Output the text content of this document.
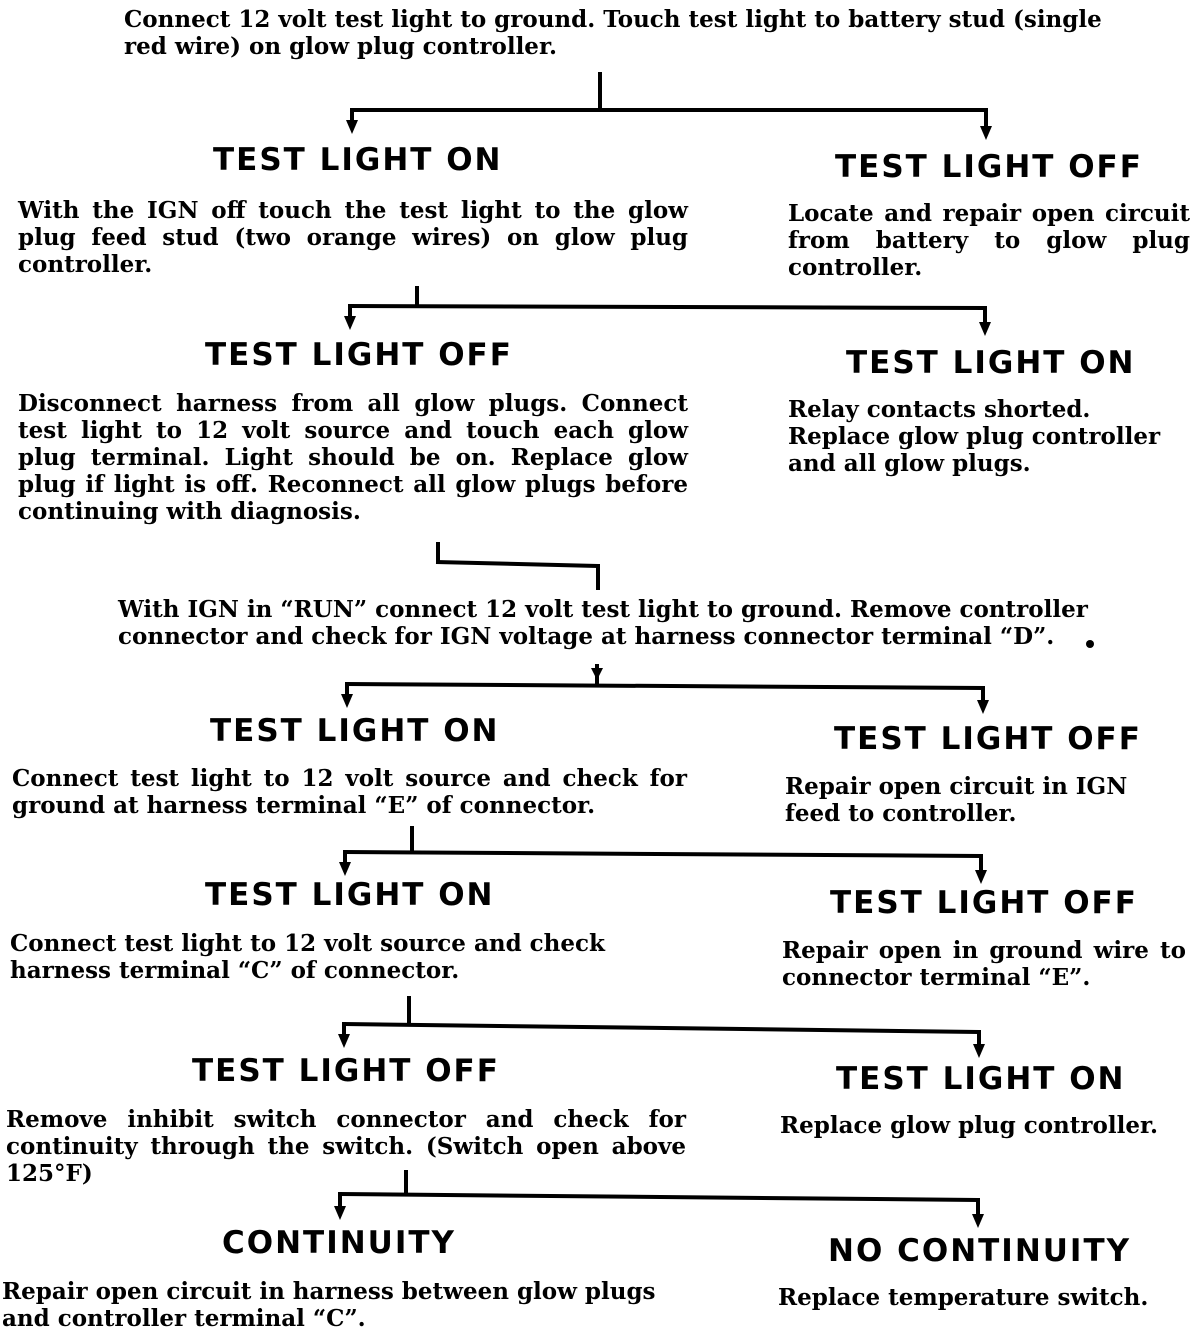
Connect 12 volt test light to ground. Touch test light to battery stud (single red wire) on glow plug controller.
TEST LIGHT ON
With the IGN off touch the test light to the glow plug feed stud (two orange wires) on glow plug controller.
TEST LIGHT OFF
Locate and repair open circuit from battery to glow plug controller.
TEST LIGHT OFF
Disconnect harness from all glow plugs. Connect test light to 12 volt source and touch each glow plug terminal. Light should be on. Replace glow plug if light is off. Reconnect all glow plugs before continuing with diagnosis.
TEST LIGHT ON
Relay contacts shorted. Replace glow plug controller and all glow plugs.
With IGN in “RUN” connect 12 volt test light to ground. Remove controller connector and check for IGN voltage at harness connector terminal “D”.
TEST LIGHT ON
Connect test light to 12 volt source and check for ground at harness terminal “E” of connector.
TEST LIGHT OFF
Repair open circuit in IGN feed to controller.
TEST LIGHT ON
Connect test light to 12 volt source and check harness terminal “C” of connector.
TEST LIGHT OFF
Repair open in ground wire to connector terminal “E”.
TEST LIGHT OFF
Remove inhibit switch connector and check for continuity through the switch. (Switch open above 125°F)
TEST LIGHT ON
Replace glow plug controller.
CONTINUITY
Repair open circuit in harness between glow plugs and controller terminal “C”.
NO CONTINUITY
Replace temperature switch.
